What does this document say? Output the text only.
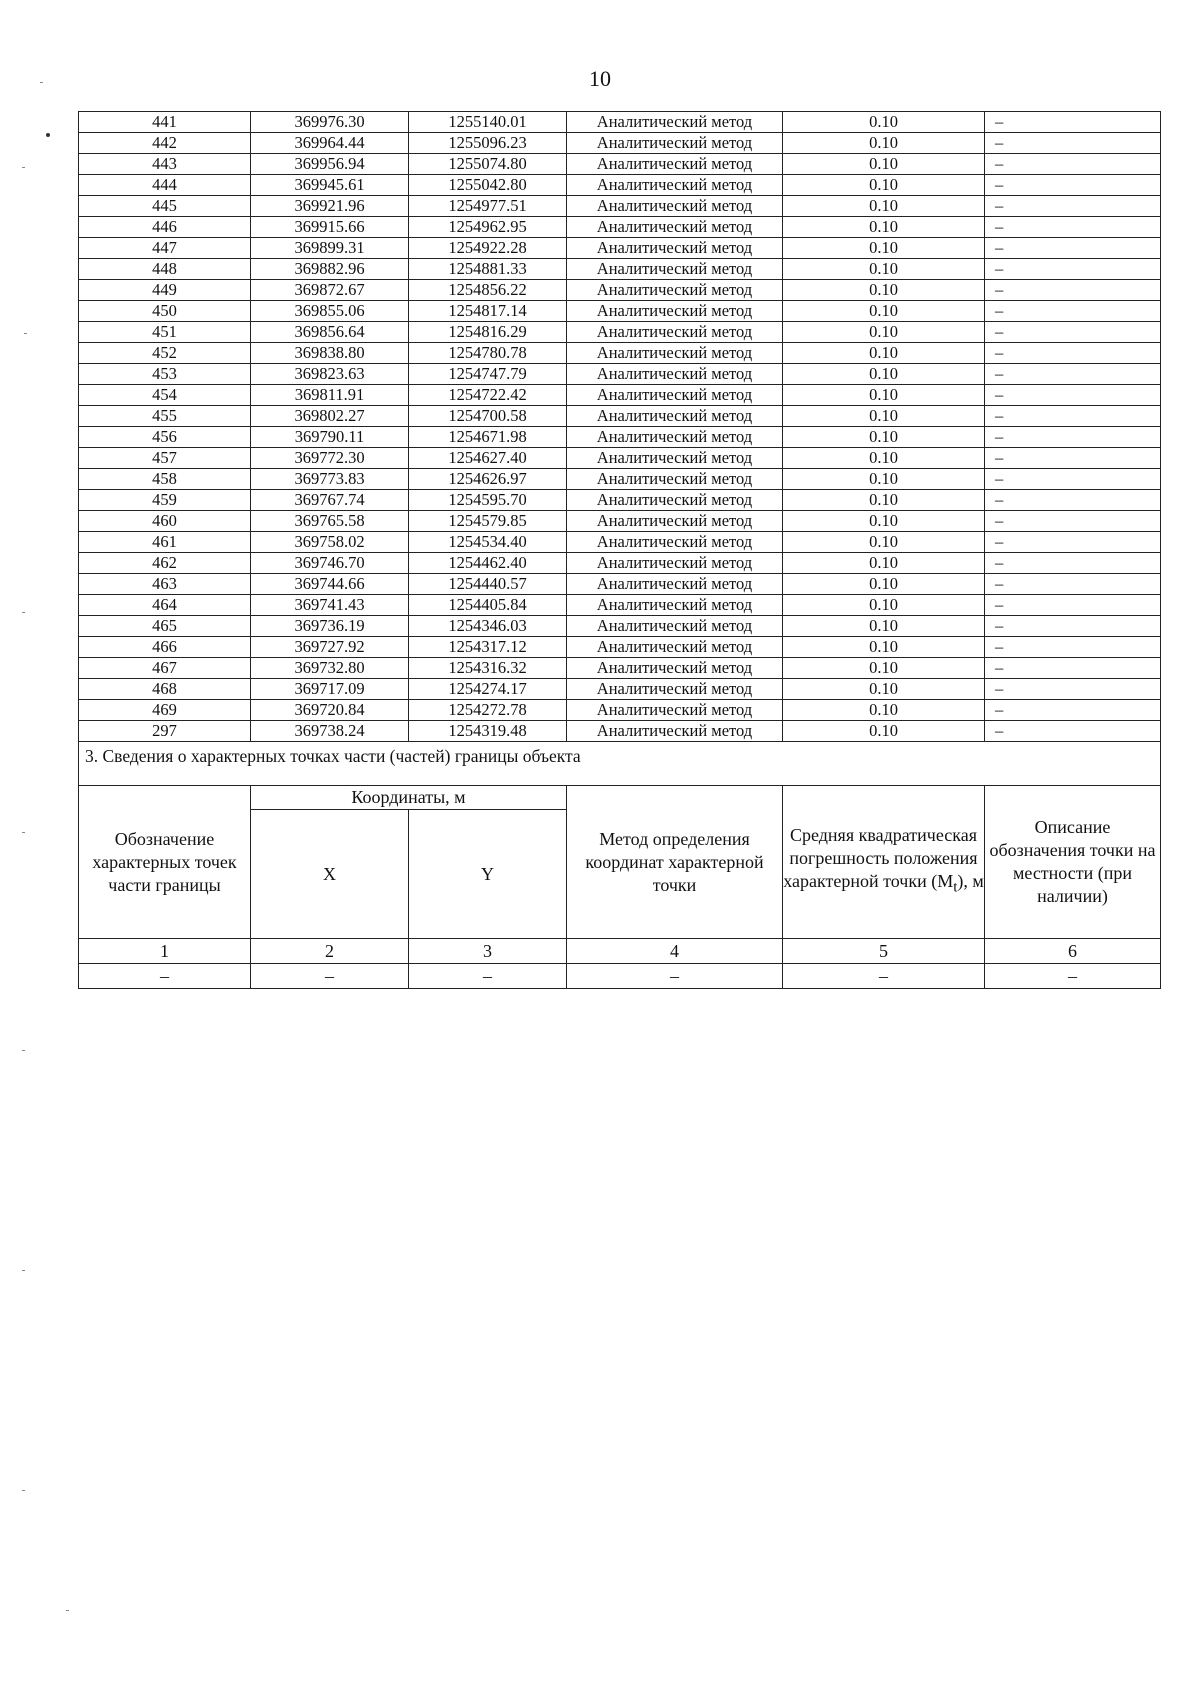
10
441	369976.30	1255140.01	Аналитический метод	0.10	–
442	369964.44	1255096.23	Аналитический метод	0.10	–
443	369956.94	1255074.80	Аналитический метод	0.10	–
444	369945.61	1255042.80	Аналитический метод	0.10	–
445	369921.96	1254977.51	Аналитический метод	0.10	–
446	369915.66	1254962.95	Аналитический метод	0.10	–
447	369899.31	1254922.28	Аналитический метод	0.10	–
448	369882.96	1254881.33	Аналитический метод	0.10	–
449	369872.67	1254856.22	Аналитический метод	0.10	–
450	369855.06	1254817.14	Аналитический метод	0.10	–
451	369856.64	1254816.29	Аналитический метод	0.10	–
452	369838.80	1254780.78	Аналитический метод	0.10	–
453	369823.63	1254747.79	Аналитический метод	0.10	–
454	369811.91	1254722.42	Аналитический метод	0.10	–
455	369802.27	1254700.58	Аналитический метод	0.10	–
456	369790.11	1254671.98	Аналитический метод	0.10	–
457	369772.30	1254627.40	Аналитический метод	0.10	–
458	369773.83	1254626.97	Аналитический метод	0.10	–
459	369767.74	1254595.70	Аналитический метод	0.10	–
460	369765.58	1254579.85	Аналитический метод	0.10	–
461	369758.02	1254534.40	Аналитический метод	0.10	–
462	369746.70	1254462.40	Аналитический метод	0.10	–
463	369744.66	1254440.57	Аналитический метод	0.10	–
464	369741.43	1254405.84	Аналитический метод	0.10	–
465	369736.19	1254346.03	Аналитический метод	0.10	–
466	369727.92	1254317.12	Аналитический метод	0.10	–
467	369732.80	1254316.32	Аналитический метод	0.10	–
468	369717.09	1254274.17	Аналитический метод	0.10	–
469	369720.84	1254272.78	Аналитический метод	0.10	–
297	369738.24	1254319.48	Аналитический метод	0.10	–
3. Сведения о характерных точках части (частей) границы объекта					
Обозначение характерных точек части границы	Координаты, м		Метод определения координат характерной точки	Средняя квадратическая погрешность положения характерной точки $(M_t)$, м	Описание обозначения точки на местности (при наличии)
	X	Y			
1	2	3	4	5	6
–	–	–	–	–	–
